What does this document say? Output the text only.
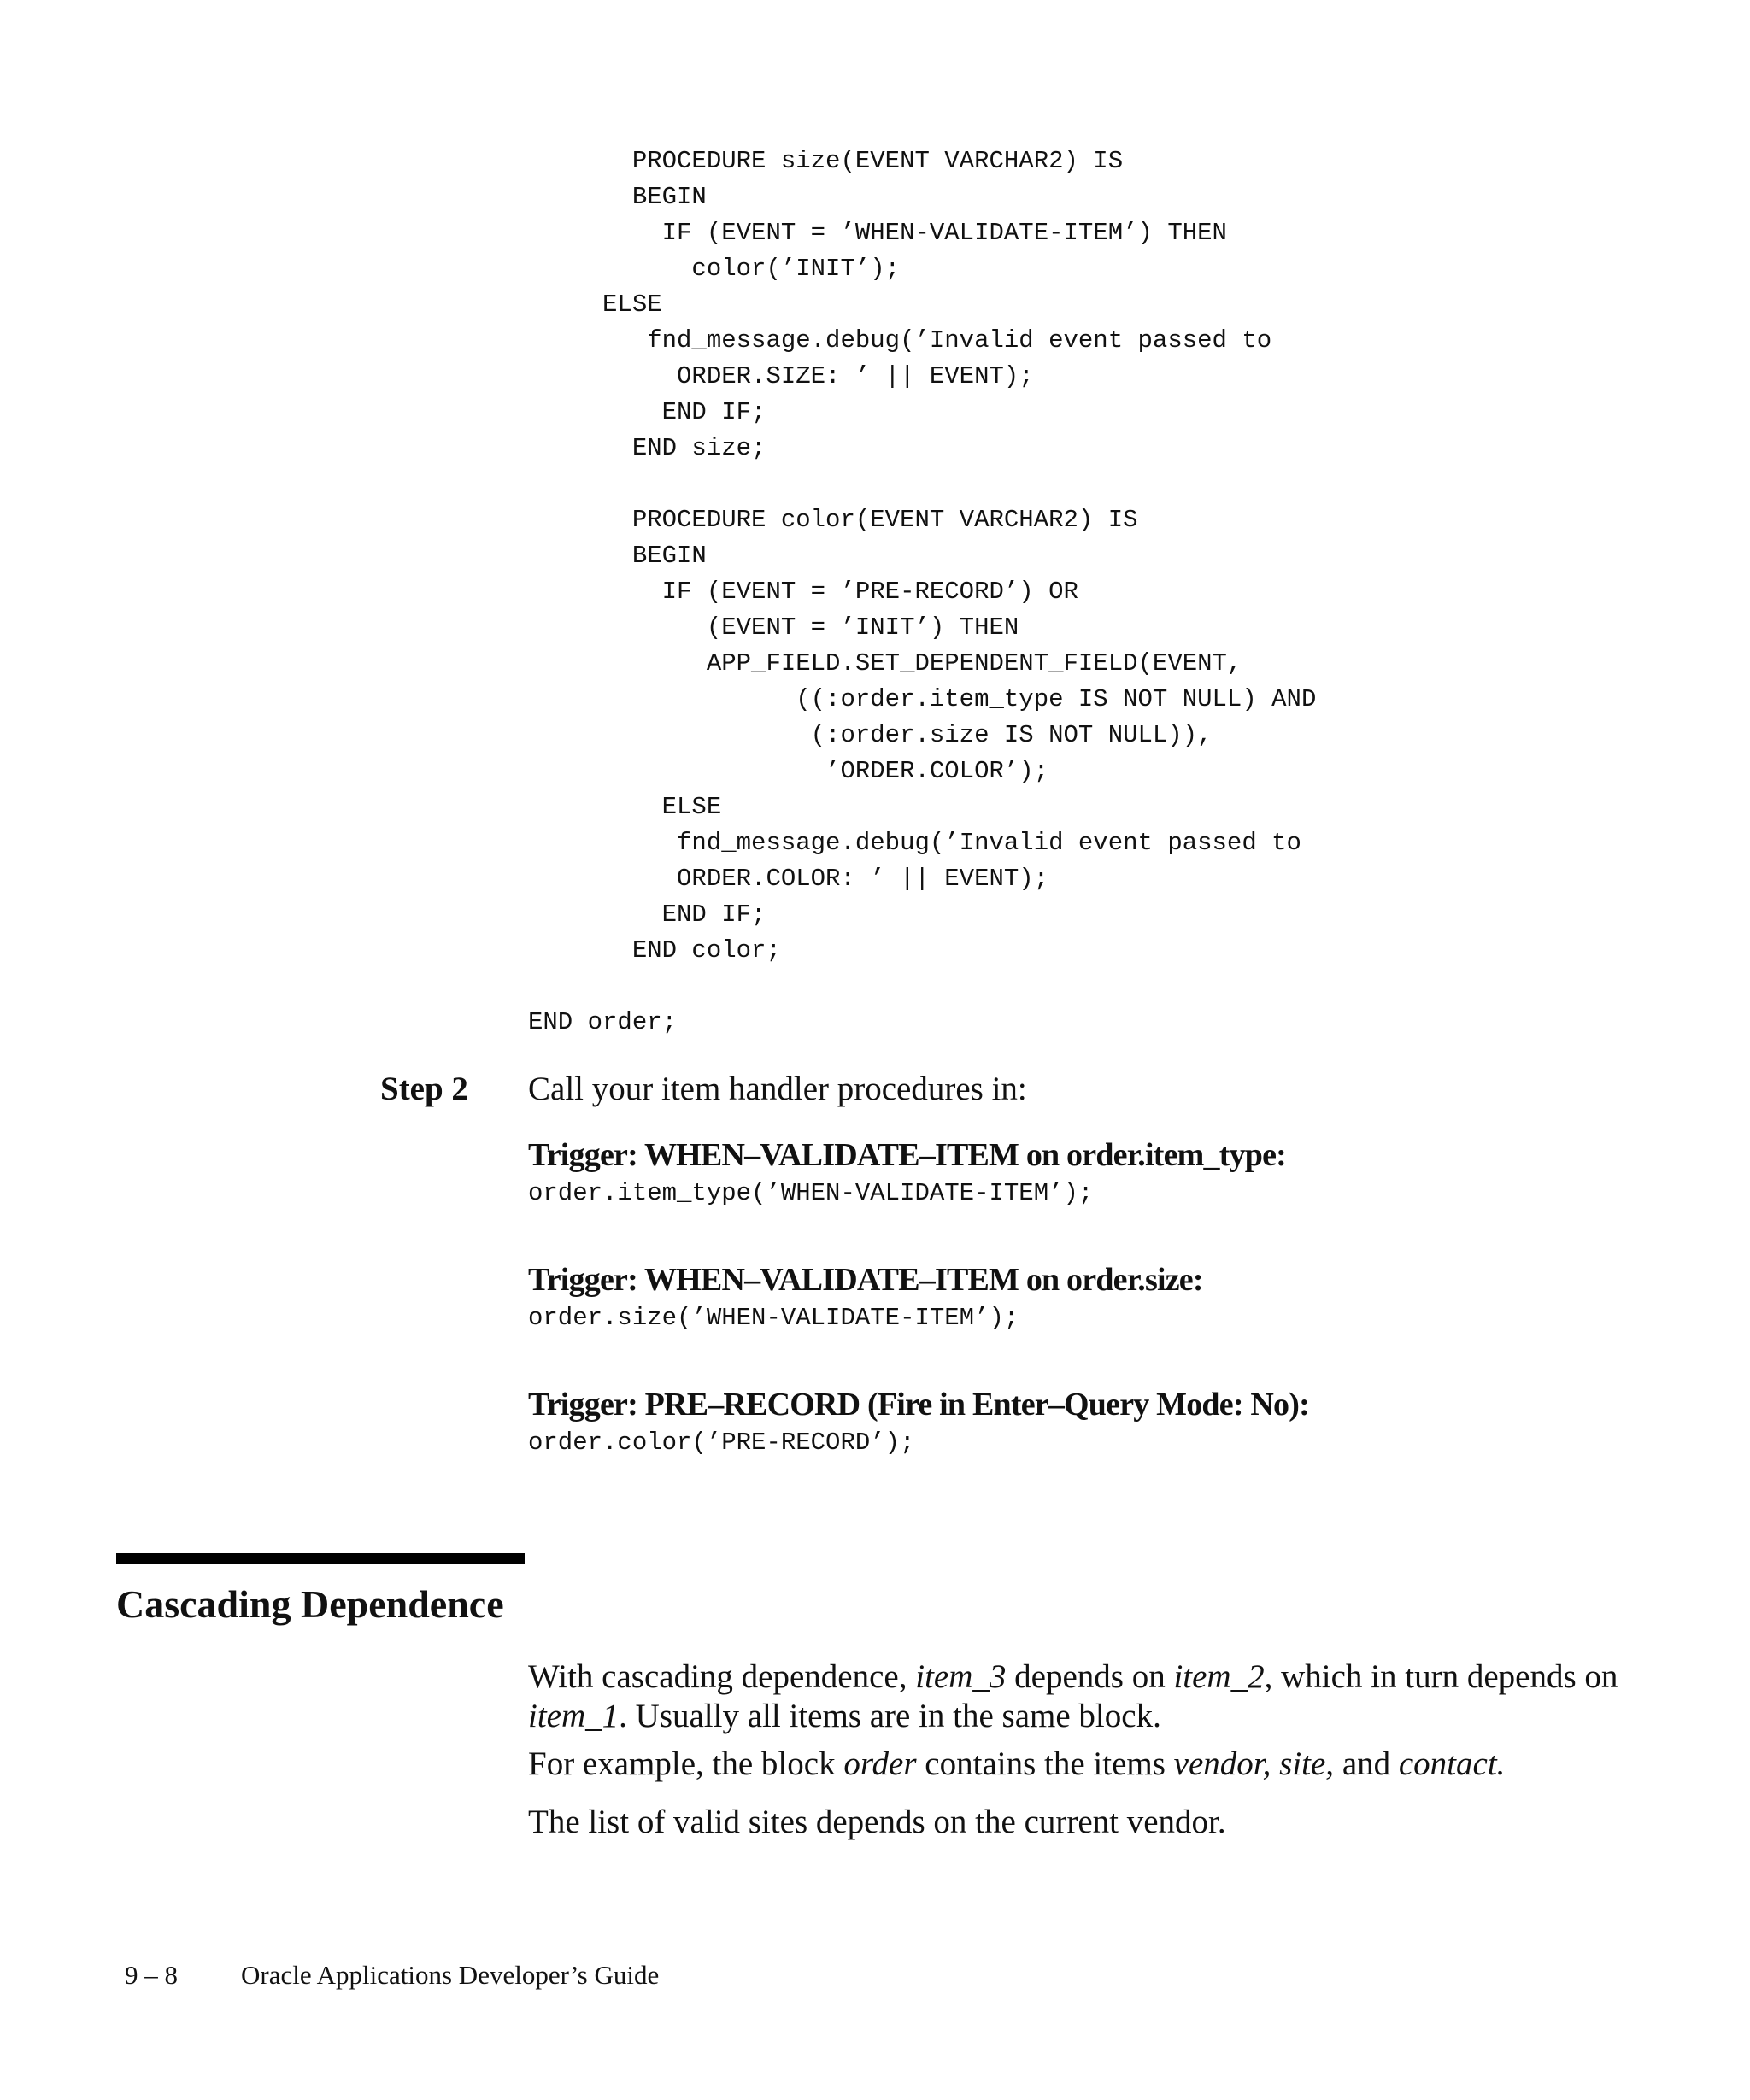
PROCEDURE size(EVENT VARCHAR2) IS
BEGIN
IF (EVENT = ’WHEN-VALIDATE-ITEM’) THEN
color(’INIT’);
ELSE
fnd_message.debug(’Invalid event passed to
ORDER.SIZE: ’ || EVENT);
END IF;
END size;
PROCEDURE color(EVENT VARCHAR2) IS
BEGIN
IF (EVENT = ’PRE-RECORD’) OR
(EVENT = ’INIT’) THEN
APP_FIELD.SET_DEPENDENT_FIELD(EVENT,
((:order.item_type IS NOT NULL) AND
(:order.size IS NOT NULL)),
’ORDER.COLOR’);
ELSE
fnd_message.debug(’Invalid event passed to
ORDER.COLOR: ’ || EVENT);
END IF;
END color;
END order;
Step 2 Call your item handler procedures in:
Trigger: WHEN–VALIDATE–ITEM on order.item_type:
order.item_type(’WHEN-VALIDATE-ITEM’);
Trigger: WHEN–VALIDATE–ITEM on order.size:
order.size(’WHEN-VALIDATE-ITEM’);
Trigger: PRE–RECORD (Fire in Enter–Query Mode: No):
order.color(’PRE-RECORD’);
Cascading Dependence

With cascading dependence, item_3 depends on item_2, which in turn depends on item_1. Usually all items are in the same block.

For example, the block order contains the items vendor, site, and contact.

The list of valid sites depends on the current vendor.

9 – 8 Oracle Applications Developer’s Guide
